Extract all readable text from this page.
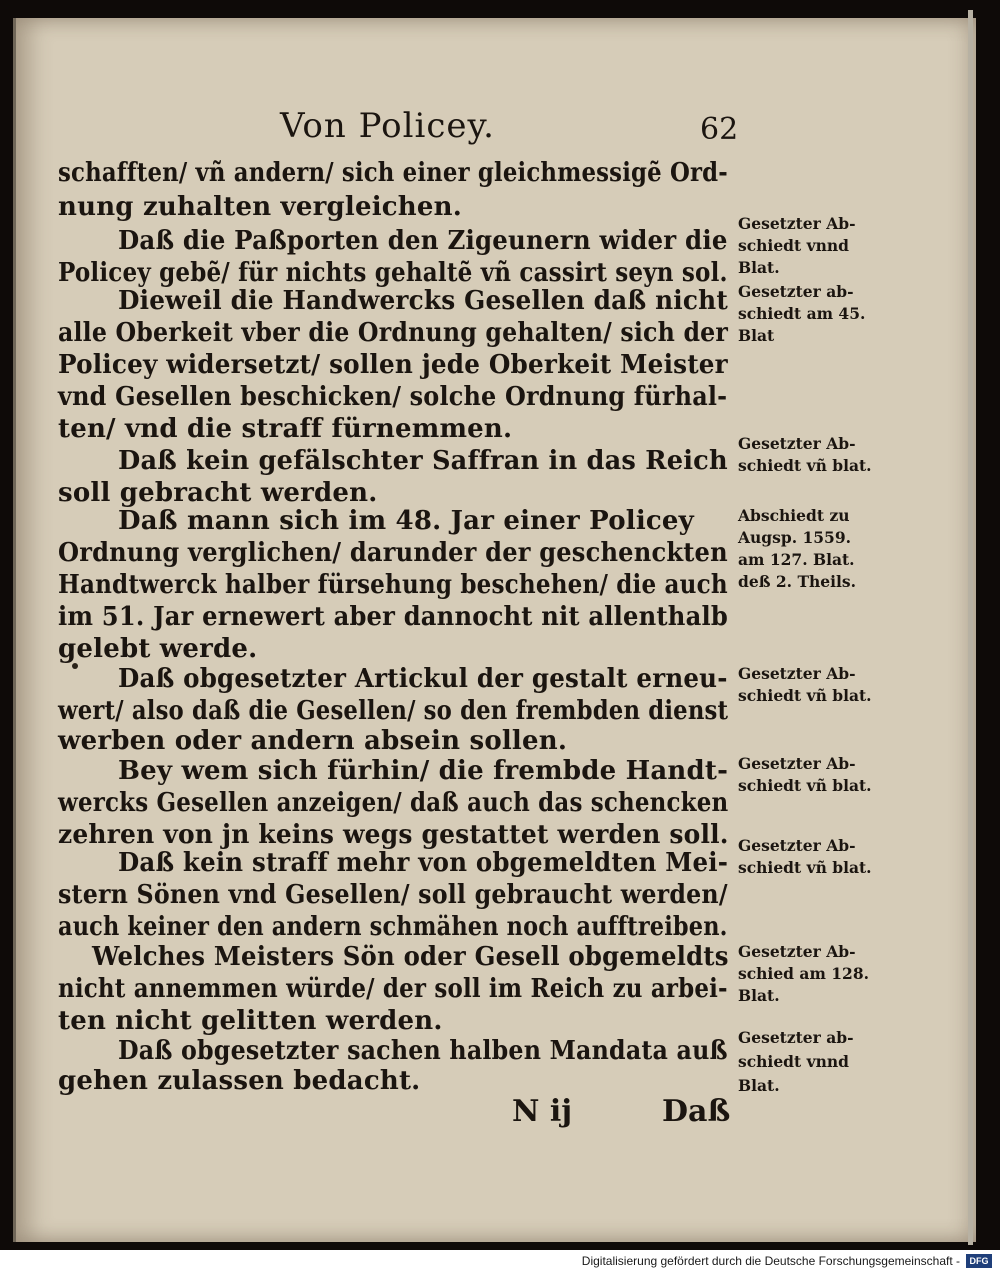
Von Policey.	62
schafften/ vñ andern/ sich einer gleichmessigẽ Ord-
nung zuhalten vergleichen.
Daß die Paßporten den Zigeunern wider die
Policey gebẽ/ für nichts gehaltẽ vñ cassirt seyn sol.
Dieweil die Handwercks Gesellen daß nicht
alle Oberkeit vber die Ordnung gehalten/ sich der
Policey widersetzt/ sollen jede Oberkeit Meister
vnd Gesellen beschicken/ solche Ordnung fürhal-
ten/ vnd die straff fürnemmen.
Daß kein gefälschter Saffran in das Reich
soll gebracht werden.
Daß mann sich im 48. Jar einer Policey
Ordnung verglichen/ darunder der geschenckten
Handtwerck halber fürsehung beschehen/ die auch
im 51. Jar ernewert aber dannocht nit allenthalb
gelebt werde.
Daß obgesetzter Artickul der gestalt erneu-
wert/ also daß die Gesellen/ so den frembden dienst
werben oder andern absein sollen.
Bey wem sich fürhin/ die frembde Handt-
wercks Gesellen anzeigen/ daß auch das schencken
zehren von jn keins wegs gestattet werden soll.
Daß kein straff mehr von obgemeldten Mei-
stern Sönen vnd Gesellen/ soll gebraucht werden/
auch keiner den andern schmähen noch aufftreiben.
Welches Meisters Sön oder Gesell obgemeldts
nicht annemmen würde/ der soll im Reich zu arbei-
ten nicht gelitten werden.
Daß obgesetzter sachen halben Mandata auß
gehen zulassen bedacht.
Gesetzter Ab-
schiedt vnnd
Blat.
Gesetzter ab-
schiedt am 45.
Blat
Gesetzter Ab-
schiedt vñ blat.
Abschiedt zu
Augsp. 1559.
am 127. Blat.
deß 2. Theils.
Gesetzter Ab-
schiedt vñ blat.
Gesetzter Ab-
schiedt vñ blat.
Gesetzter Ab-
schiedt vñ blat.
Gesetzter Ab-
schied am 128.
Blat.
Gesetzter ab-
schiedt vnnd
Blat.
N ij	Daß
Digitalisierung gefördert durch die Deutsche Forschungsgemeinschaft -	DFG
